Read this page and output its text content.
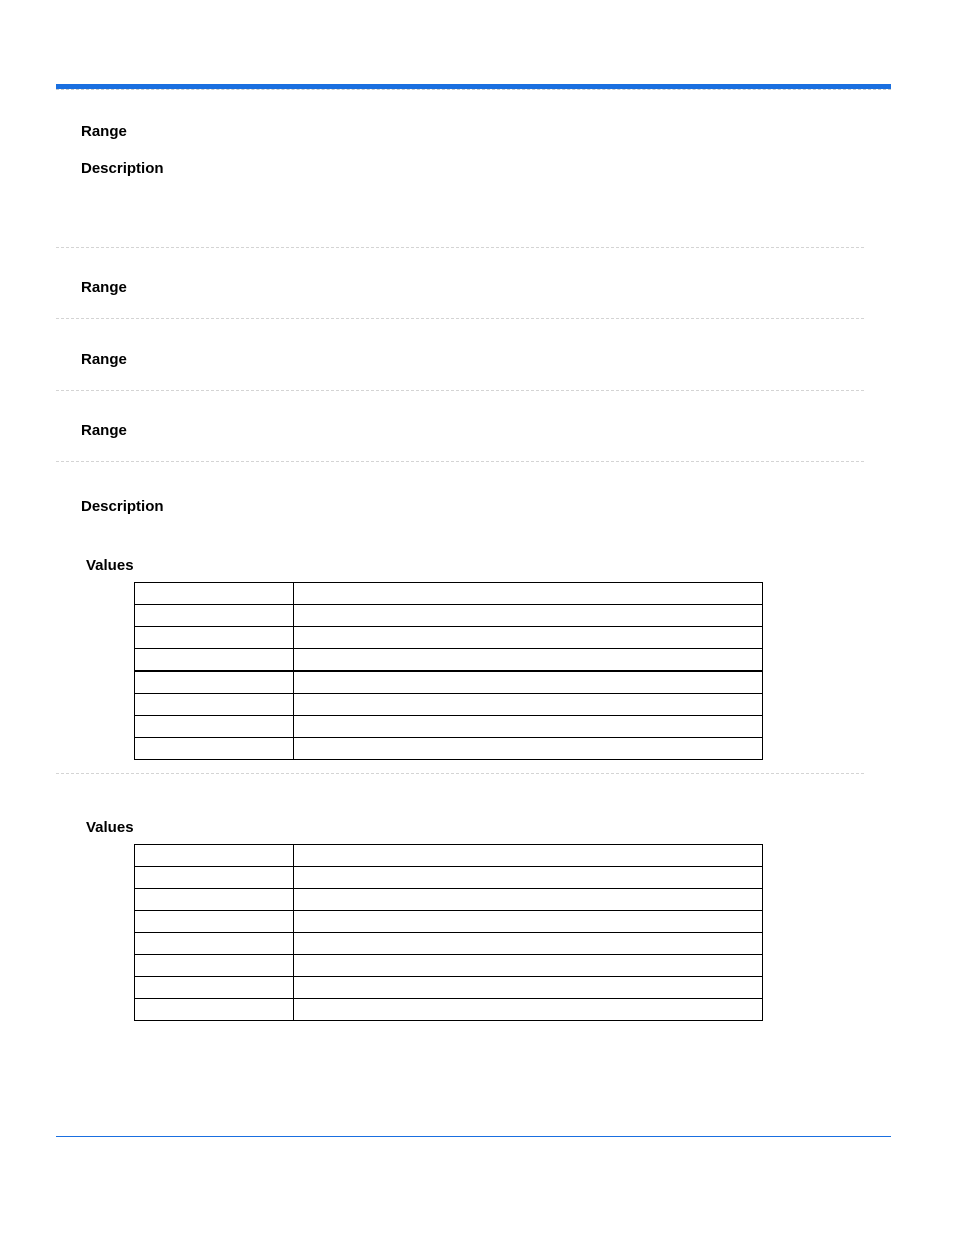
Range
Description
Range
Range
Range
Description
Values

Values
